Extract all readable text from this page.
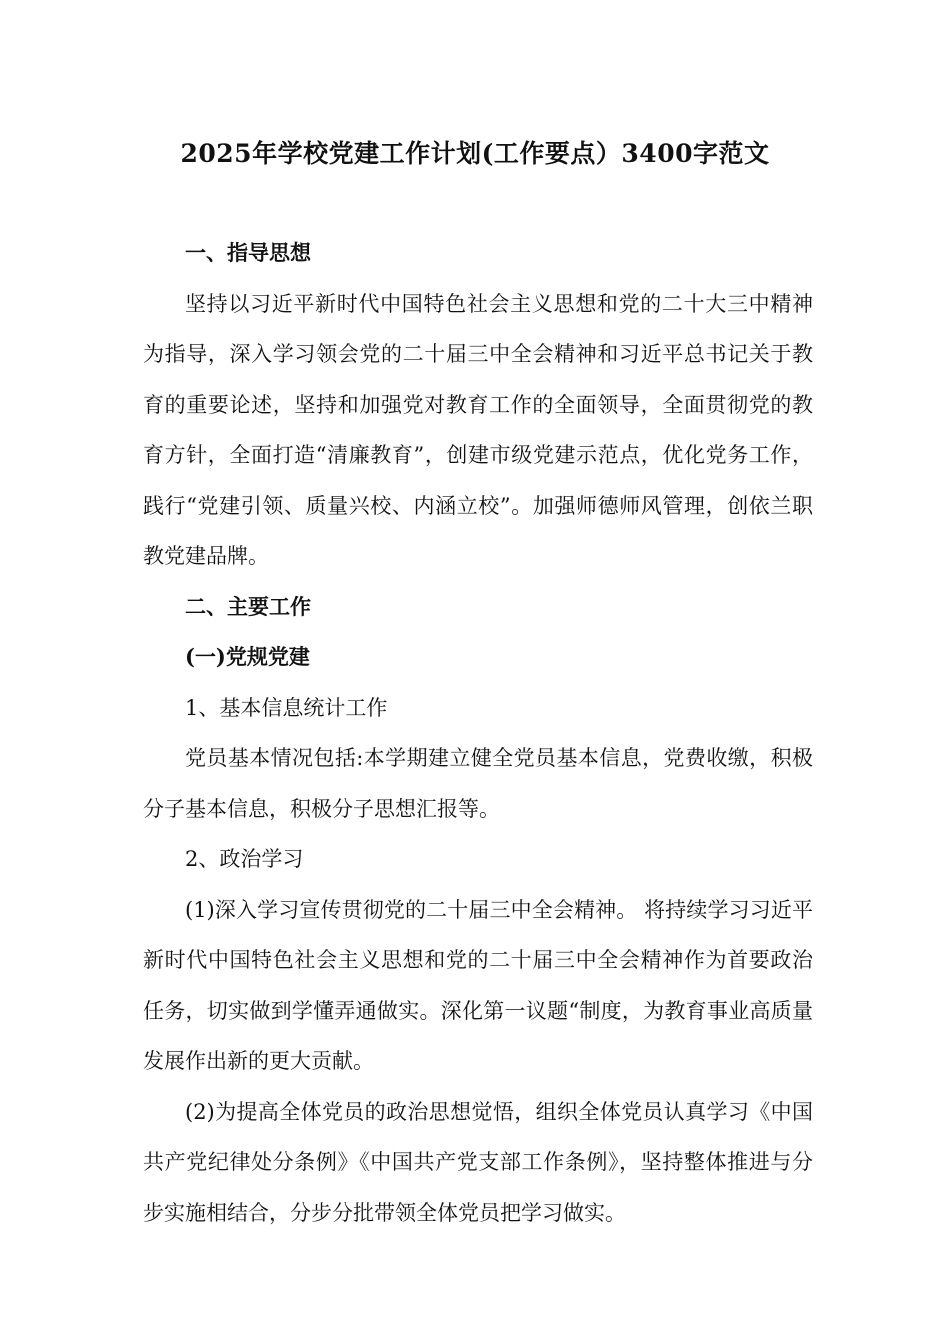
2025年学校党建工作计划(工作要点）3400字范文

一、指导思想

坚持以习近平新时代中国特色社会主义思想和党的二十大三中精神为指导，深入学习领会党的二十届三中全会精神和习近平总书记关于教育的重要论述，坚持和加强党对教育工作的全面领导，全面贯彻党的教育方针，全面打造“清廉教育”，创建市级党建示范点，优化党务工作，践行“党建引领、质量兴校、内涵立校”。加强师德师风管理，创依兰职教党建品牌。

二、主要工作

(一)党规党建

1、基本信息统计工作

党员基本情况包括:本学期建立健全党员基本信息，党费收缴，积极分子基本信息，积极分子思想汇报等。

2、政治学习

(1)深入学习宣传贯彻党的二十届三中全会精神。 将持续学习习近平新时代中国特色社会主义思想和党的二十届三中全会精神作为首要政治任务，切实做到学懂弄通做实。深化第一议题“制度，为教育事业高质量发展作出新的更大贡献。

(2)为提高全体党员的政治思想觉悟，组织全体党员认真学习《中国共产党纪律处分条例》《中国共产党支部工作条例》，坚持整体推进与分步实施相结合，分步分批带领全体党员把学习做实。
